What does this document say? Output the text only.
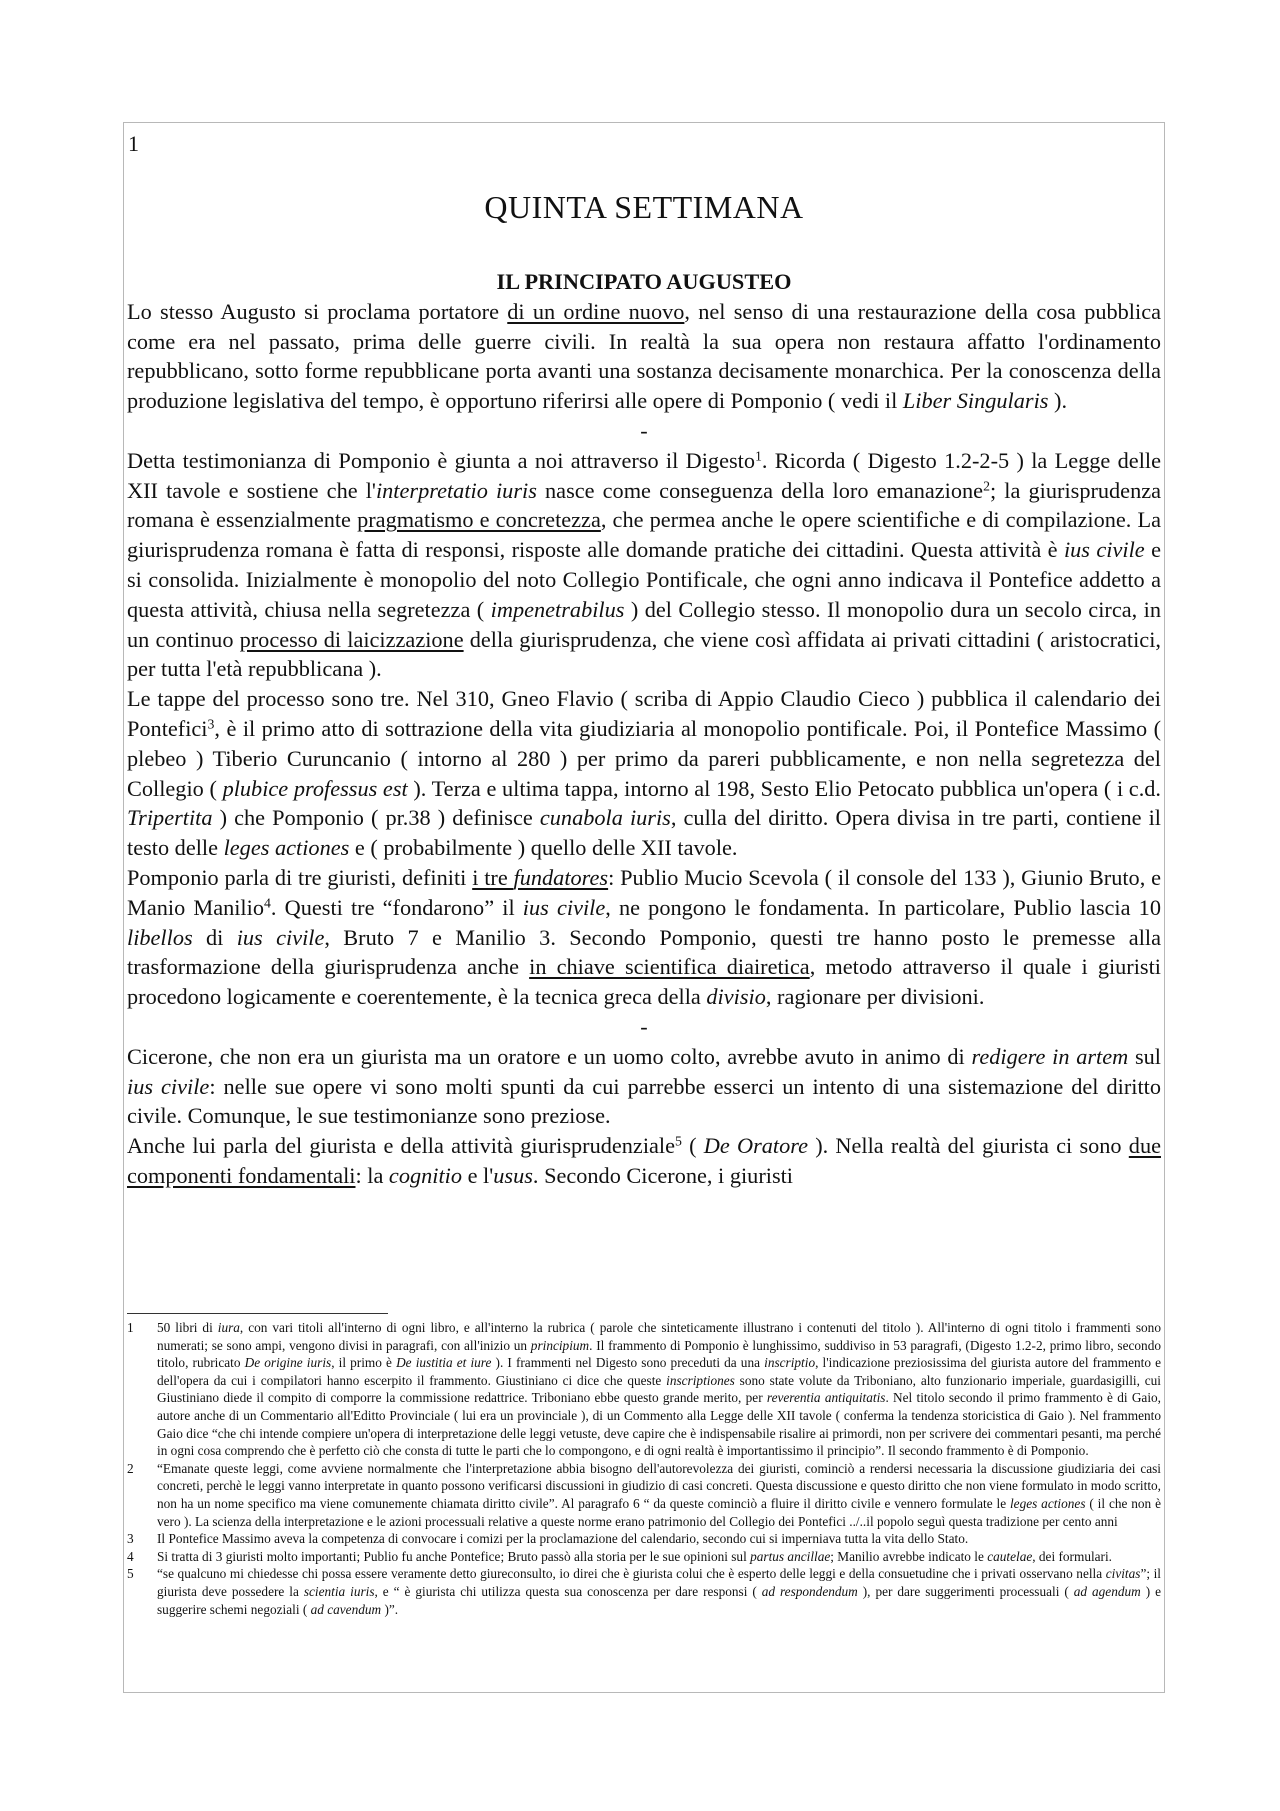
1
QUINTA SETTIMANA

IL PRINCIPATO AUGUSTEO

Lo stesso Augusto si proclama portatore di un ordine nuovo, nel senso di una restaurazione della cosa pubblica come era nel passato, prima delle guerre civili. In realtà la sua opera non restaura affatto l'ordinamento repubblicano, sotto forme repubblicane porta avanti una sostanza decisamente monarchica. Per la conoscenza della produzione legislativa del tempo, è opportuno riferirsi alle opere di Pomponio ( vedi il Liber Singularis ).

-

Detta testimonianza di Pomponio è giunta a noi attraverso il Digesto$^1$. Ricorda ( Digesto 1.2-2-5 ) la Legge delle XII tavole e sostiene che l'interpretatio iuris nasce come conseguenza della loro emanazione$^2$; la giurisprudenza romana è essenzialmente pragmatismo e concretezza, che permea anche le opere scientifiche e di compilazione. La giurisprudenza romana è fatta di responsi, risposte alle domande pratiche dei cittadini. Questa attività è ius civile e si consolida. Inizialmente è monopolio del noto Collegio Pontificale, che ogni anno indicava il Pontefice addetto a questa attività, chiusa nella segretezza ( impenetrabilus ) del Collegio stesso. Il monopolio dura un secolo circa, in un continuo processo di laicizzazione della giurisprudenza, che viene così affidata ai privati cittadini ( aristocratici, per tutta l'età repubblicana ).

Le tappe del processo sono tre. Nel 310, Gneo Flavio ( scriba di Appio Claudio Cieco ) pubblica il calendario dei Pontefici$^3$, è il primo atto di sottrazione della vita giudiziaria al monopolio pontificale. Poi, il Pontefice Massimo ( plebeo ) Tiberio Curuncanio ( intorno al 280 ) per primo da pareri pubblicamente, e non nella segretezza del Collegio ( plubice professus est ). Terza e ultima tappa, intorno al 198, Sesto Elio Petocato pubblica un'opera ( i c.d. Tripertita ) che Pomponio ( pr.38 ) definisce cunabola iuris, culla del diritto. Opera divisa in tre parti, contiene il testo delle leges actiones e ( probabilmente ) quello delle XII tavole.

Pomponio parla di tre giuristi, definiti i tre fundatores: Publio Mucio Scevola ( il console del 133 ), Giunio Bruto, e Manio Manilio$^4$. Questi tre “fondarono” il ius civile, ne pongono le fondamenta. In particolare, Publio lascia 10 libellos di ius civile, Bruto 7 e Manilio 3. Secondo Pomponio, questi tre hanno posto le premesse alla trasformazione della giurisprudenza anche in chiave scientifica diairetica, metodo attraverso il quale i giuristi procedono logicamente e coerentemente, è la tecnica greca della divisio, ragionare per divisioni.

-

Cicerone, che non era un giurista ma un oratore e un uomo colto, avrebbe avuto in animo di redigere in artem sul ius civile: nelle sue opere vi sono molti spunti da cui parrebbe esserci un intento di una sistemazione del diritto civile. Comunque, le sue testimonianze sono preziose.

Anche lui parla del giurista e della attività giurisprudenziale$^5$ ( De Oratore ). Nella realtà del giurista ci sono due componenti fondamentali: la cognitio e l'usus. Secondo Cicerone, i giuristi

1	50 libri di iura, con vari titoli all'interno di ogni libro, e all'interno la rubrica ( parole che sinteticamente illustrano i contenuti del titolo ). All'interno di ogni titolo i frammenti sono numerati; se sono ampi, vengono divisi in paragrafi, con all'inizio un principium. Il frammento di Pomponio è lunghissimo, suddiviso in 53 paragrafi, (Digesto 1.2-2, primo libro, secondo titolo, rubricato De origine iuris, il primo è De iustitia et iure ). I frammenti nel Digesto sono preceduti da una inscriptio, l'indicazione preziosissima del giurista autore del frammento e dell'opera da cui i compilatori hanno escerpito il frammento. Giustiniano ci dice che queste inscriptiones sono state volute da Triboniano, alto funzionario imperiale, guardasigilli, cui Giustiniano diede il compito di comporre la commissione redattrice. Triboniano ebbe questo grande merito, per reverentia antiquitatis. Nel titolo secondo il primo frammento è di Gaio, autore anche di un Commentario all'Editto Provinciale ( lui era un provinciale ), di un Commento alla Legge delle XII tavole ( conferma la tendenza storicistica di Gaio ). Nel frammento Gaio dice “che chi intende compiere un'opera di interpretazione delle leggi vetuste, deve capire che è indispensabile risalire ai primordi, non per scrivere dei commentari pesanti, ma perché in ogni cosa comprendo che è perfetto ciò che consta di tutte le parti che lo compongono, e di ogni realtà è importantissimo il principio”. Il secondo frammento è di Pomponio.
2	“Emanate queste leggi, come avviene normalmente che l'interpretazione abbia bisogno dell'autorevolezza dei giuristi, cominciò a rendersi necessaria la discussione giudiziaria dei casi concreti, perchè le leggi vanno interpretate in quanto possono verificarsi discussioni in giudizio di casi concreti. Questa discussione e questo diritto che non viene formulato in modo scritto, non ha un nome specifico ma viene comunemente chiamata diritto civile”. Al paragrafo 6 “ da queste cominciò a fluire il diritto civile e vennero formulate le leges actiones ( il che non è vero ). La scienza della interpretazione e le azioni processuali relative a queste norme erano patrimonio del Collegio dei Pontefici ../..il popolo seguì questa tradizione per cento anni
3	Il Pontefice Massimo aveva la competenza di convocare i comizi per la proclamazione del calendario, secondo cui si imperniava tutta la vita dello Stato.
4	Si tratta di 3 giuristi molto importanti; Publio fu anche Pontefice; Bruto passò alla storia per le sue opinioni sul partus ancillae; Manilio avrebbe indicato le cautelae, dei formulari.
5	“se qualcuno mi chiedesse chi possa essere veramente detto giureconsulto, io direi che è giurista colui che è esperto delle leggi e della consuetudine che i privati osservano nella civitas”; il giurista deve possedere la scientia iuris, e “ è giurista chi utilizza questa sua conoscenza per dare responsi ( ad respondendum ), per dare suggerimenti processuali ( ad agendum ) e suggerire schemi negoziali ( ad cavendum )”.
